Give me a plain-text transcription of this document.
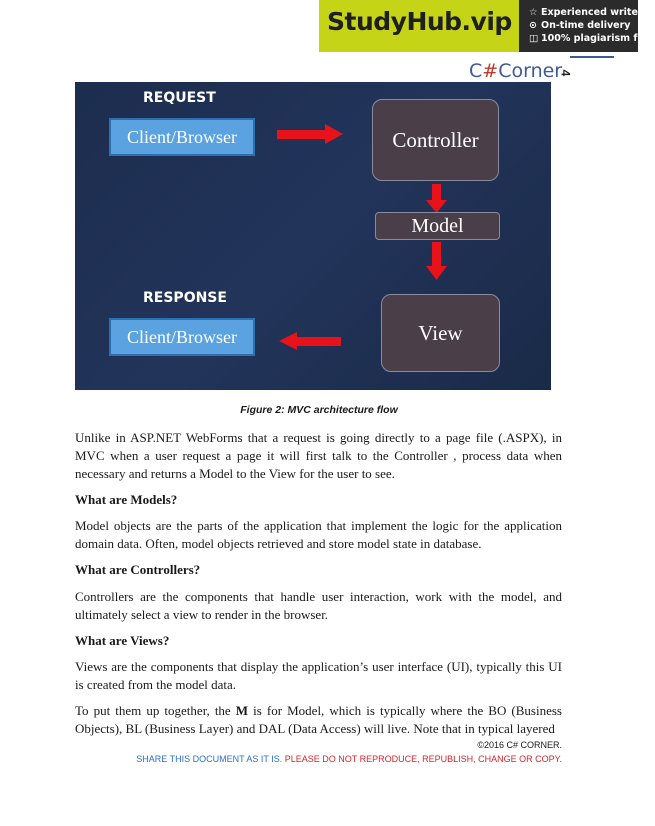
StudyHub.vip ☆ Experienced writers
⊙ On-time delivery
◫ 100% plagiarism free
C#Corner
4
REQUEST
RESPONSE
Client/Browser	Controller
Model
View
Client/Browser
Figure 2: MVC architecture flow
Unlike in ASP.NET WebForms that a request is going directly to a page file (.ASPX), in MVC when a user request a page it will first talk to the Controller , process data when necessary and returns a Model to the View for the user to see.
What are Models?
Model objects are the parts of the application that implement the logic for the application domain data. Often, model objects retrieved and store model state in database.
What are Controllers?
Controllers are the components that handle user interaction, work with the model, and ultimately select a view to render in the browser.
What are Views?
Views are the components that display the application’s user interface (UI), typically this UI is created from the model data.
To put them up together, the M is for Model, which is typically where the BO (Business Objects), BL (Business Layer) and DAL (Data Access) will live. Note that in typical layered
©2016 C# CORNER.
SHARE THIS DOCUMENT AS IT IS. PLEASE DO NOT REPRODUCE, REPUBLISH, CHANGE OR COPY.
